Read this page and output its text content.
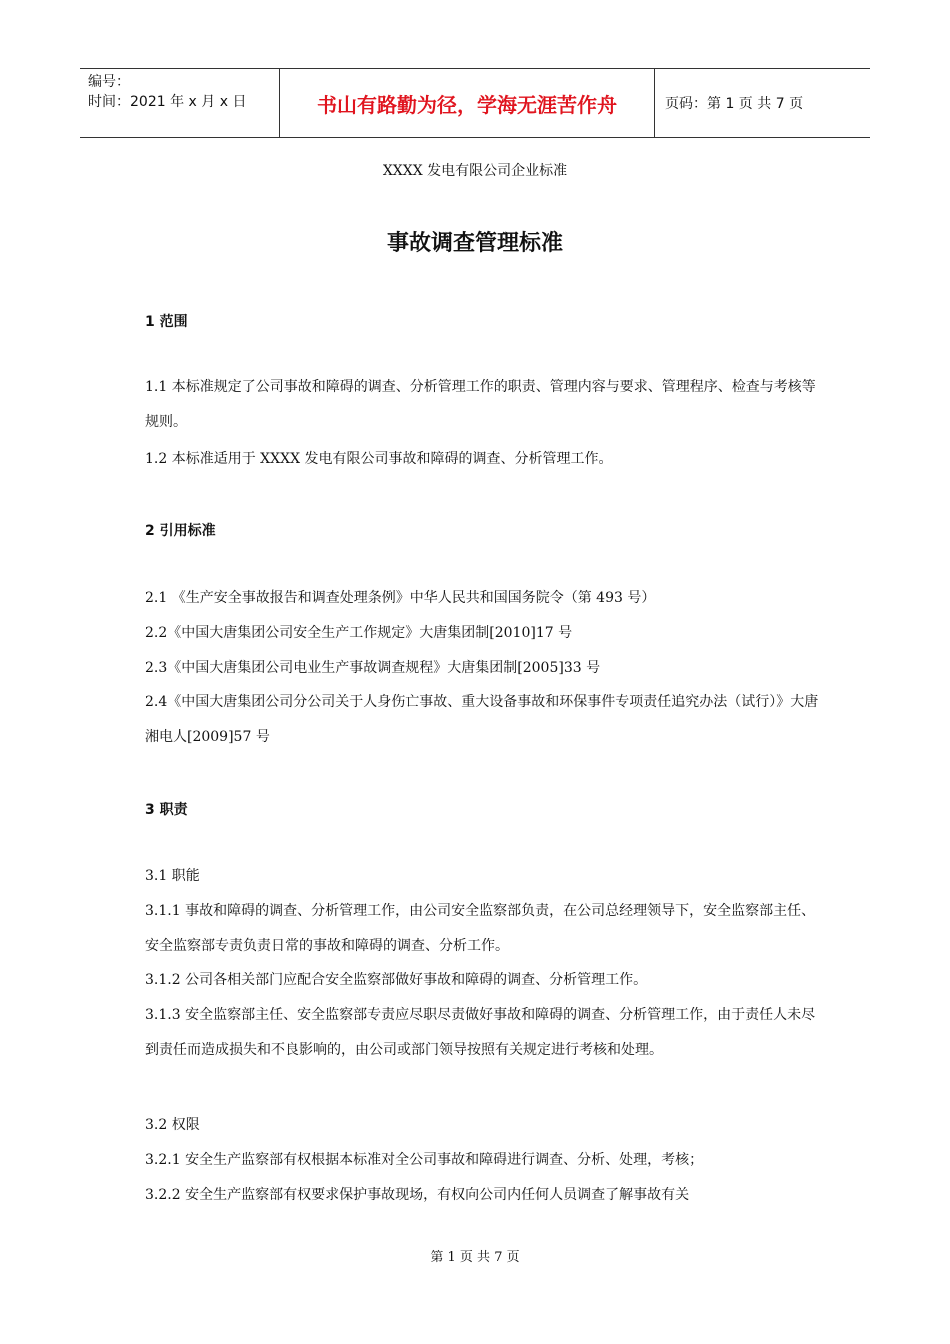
编号：
时间：2021 年 x 月 x 日	书山有路勤为径，学海无涯苦作舟	页码：第 1 页 共 7 页
XXXX 发电有限公司企业标准
事故调查管理标准
1 范围
1.1 本标准规定了公司事故和障碍的调查、分析管理工作的职责、管理内容与要求、管理程序、检查与考核等规则。
1.2 本标准适用于 XXXX 发电有限公司事故和障碍的调查、分析管理工作。
2 引用标准
2.1 《生产安全事故报告和调查处理条例》中华人民共和国国务院令（第 493 号）
2.2《中国大唐集团公司安全生产工作规定》大唐集团制[2010]17 号
2.3《中国大唐集团公司电业生产事故调查规程》大唐集团制[2005]33 号
2.4《中国大唐集团公司分公司关于人身伤亡事故、重大设备事故和环保事件专项责任追究办法（试行）》大唐湘电人[2009]57 号
3 职责
3.1 职能
3.1.1 事故和障碍的调查、分析管理工作，由公司安全监察部负责，在公司总经理领导下，安全监察部主任、安全监察部专责负责日常的事故和障碍的调查、分析工作。
3.1.2 公司各相关部门应配合安全监察部做好事故和障碍的调查、分析管理工作。
3.1.3 安全监察部主任、安全监察部专责应尽职尽责做好事故和障碍的调查、分析管理工作，由于责任人未尽到责任而造成损失和不良影响的，由公司或部门领导按照有关规定进行考核和处理。
3.2 权限
3.2.1 安全生产监察部有权根据本标准对全公司事故和障碍进行调查、分析、处理，考核；
3.2.2 安全生产监察部有权要求保护事故现场，有权向公司内任何人员调查了解事故有关
第 1 页 共 7 页
